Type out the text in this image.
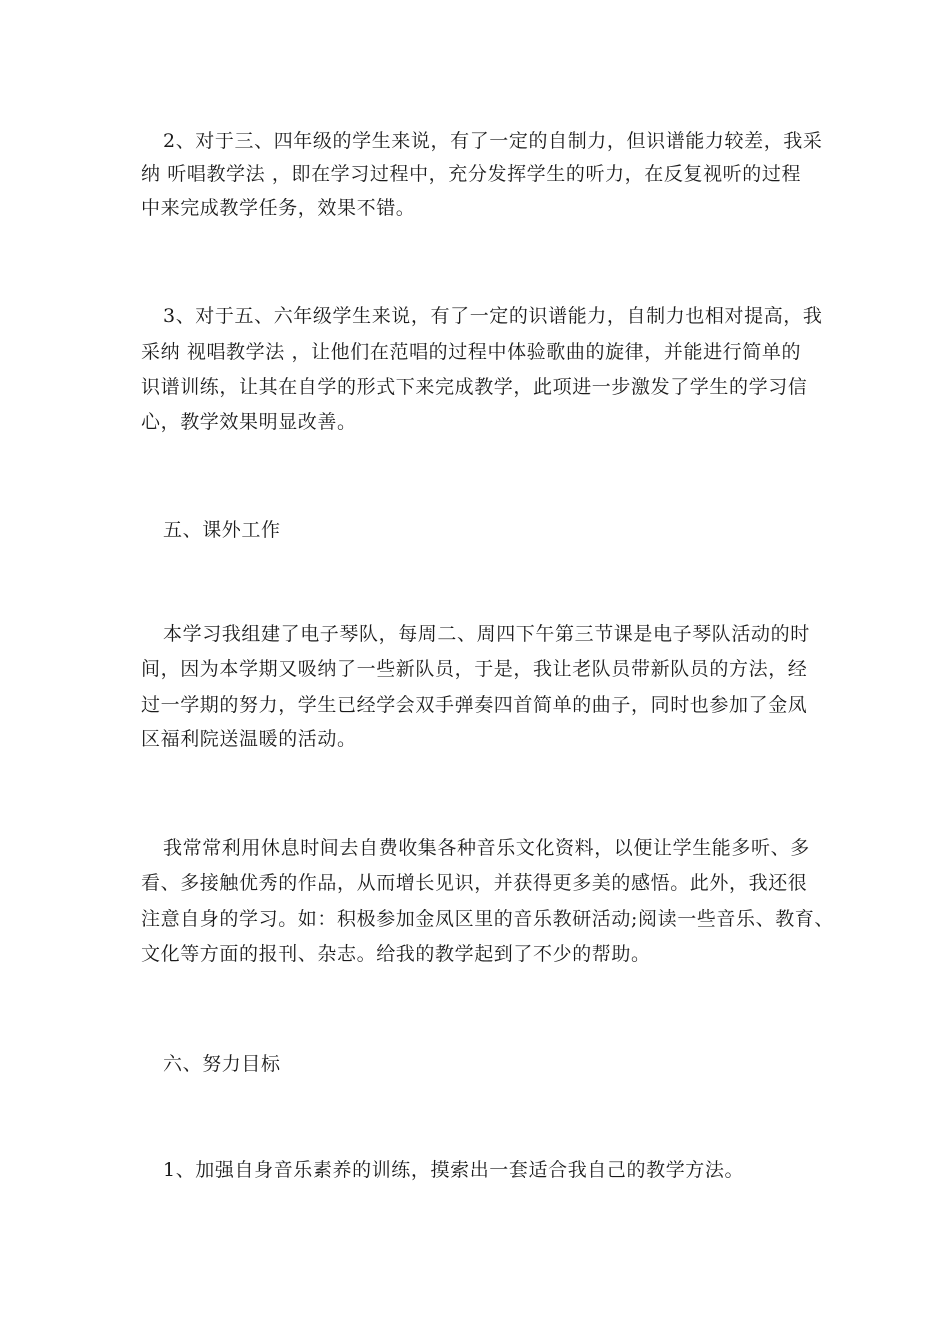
2、对于三、四年级的学生来说，有了一定的自制力，但识谱能力较差，我采
纳 听唱教学法 ，即在学习过程中，充分发挥学生的听力，在反复视听的过程
中来完成教学任务，效果不错。
3、对于五、六年级学生来说，有了一定的识谱能力，自制力也相对提高，我
采纳 视唱教学法 ，让他们在范唱的过程中体验歌曲的旋律，并能进行简单的
识谱训练，让其在自学的形式下来完成教学，此项进一步激发了学生的学习信
心，教学效果明显改善。
五、课外工作
本学习我组建了电子琴队，每周二、周四下午第三节课是电子琴队活动的时
间，因为本学期又吸纳了一些新队员，于是，我让老队员带新队员的方法，经
过一学期的努力，学生已经学会双手弹奏四首简单的曲子，同时也参加了金凤
区福利院送温暖的活动。
我常常利用休息时间去自费收集各种音乐文化资料，以便让学生能多听、多
看、多接触优秀的作品，从而增长见识，并获得更多美的感悟。此外，我还很
注意自身的学习。如：积极参加金凤区里的音乐教研活动;阅读一些音乐、教育、
文化等方面的报刊、杂志。给我的教学起到了不少的帮助。
六、努力目标
1、加强自身音乐素养的训练，摸索出一套适合我自己的教学方法。
